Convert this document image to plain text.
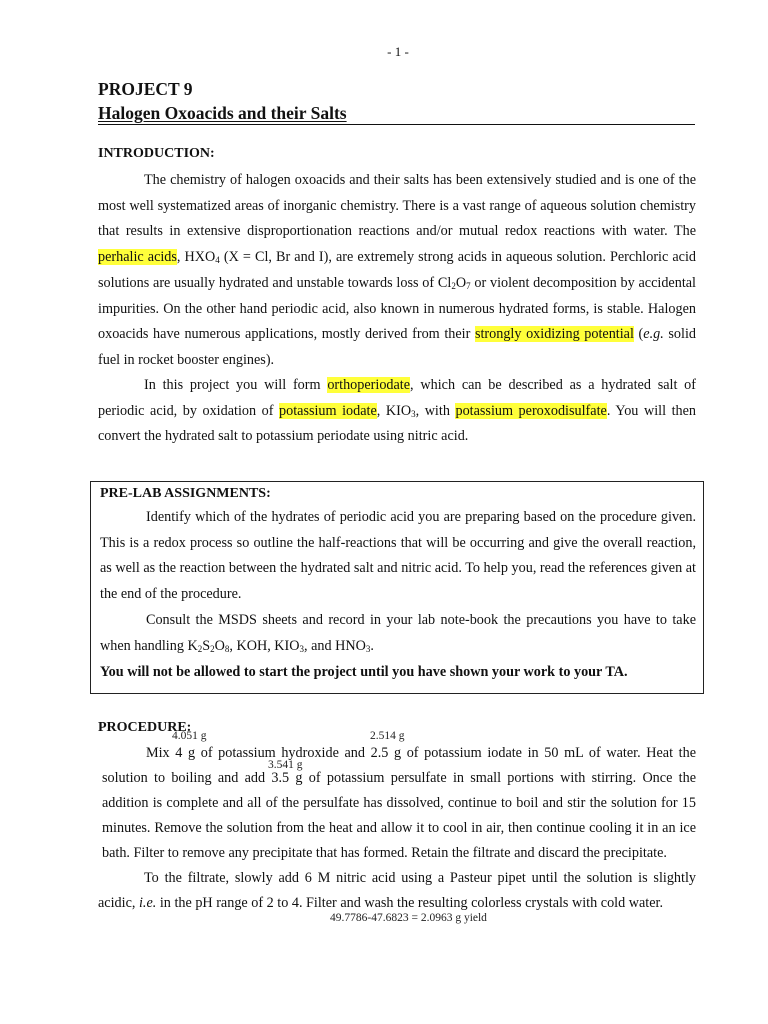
- 1 -
PROJECT 9
Halogen Oxoacids and their Salts
INTRODUCTION:
The chemistry of halogen oxoacids and their salts has been extensively studied and is one of the most well systematized areas of inorganic chemistry. There is a vast range of aqueous solution chemistry that results in extensive disproportionation reactions and/or mutual redox reactions with water. The perhalic acids, $HXO_4$ (X = Cl, Br and I), are extremely strong acids in aqueous solution. Perchloric acid solutions are usually hydrated and unstable towards loss of $Cl_2O_7$ or violent decomposition by accidental impurities. On the other hand periodic acid, also known in numerous hydrated forms, is stable. Halogen oxoacids have numerous applications, mostly derived from their strongly oxidizing potential (e.g. solid fuel in rocket booster engines).
In this project you will form orthoperiodate, which can be described as a hydrated salt of periodic acid, by oxidation of potassium iodate, $KIO_3$, with potassium peroxodisulfate. You will then convert the hydrated salt to potassium periodate using nitric acid.
PRE-LAB ASSIGNMENTS:
Identify which of the hydrates of periodic acid you are preparing based on the procedure given. This is a redox process so outline the half-reactions that will be occurring and give the overall reaction, as well as the reaction between the hydrated salt and nitric acid. To help you, read the references given at the end of the procedure.
Consult the MSDS sheets and record in your lab note-book the precautions you have to take when handling $K_2S_2O_8$, KOH, $KIO_3$, and $HNO_3$.
You will not be allowed to start the project until you have shown your work to your TA.
PROCEDURE:
4.051 g	2.514 g
3.541 g
Mix 4 g of potassium hydroxide and 2.5 g of potassium iodate in 50 mL of water. Heat the solution to boiling and add 3.5 g of potassium persulfate in small portions with stirring. Once the addition is complete and all of the persulfate has dissolved, continue to boil and stir the solution for 15 minutes. Remove the solution from the heat and allow it to cool in air, then continue cooling it in an ice bath. Filter to remove any precipitate that has formed. Retain the filtrate and discard the precipitate.
To the filtrate, slowly add 6 M nitric acid using a Pasteur pipet until the solution is slightly acidic, i.e. in the pH range of 2 to 4. Filter and wash the resulting colorless crystals with cold water.
49.7786-47.6823 = 2.0963 g yield
